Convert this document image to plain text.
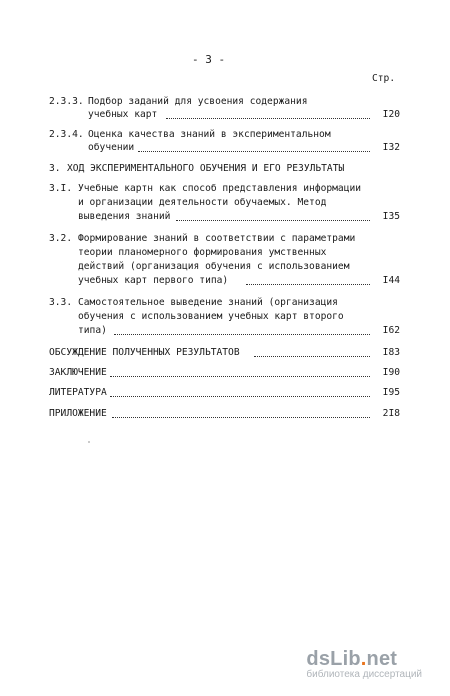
- 3 -
Стр.
2.3.3. Подбор заданий для усвоения содержания
учебных карт	I20
2.3.4. Оценка качества знаний в экспериментальном
обучении	I32
3. ХОД ЭКСПЕРИМЕНТАЛЬНОГО ОБУЧЕНИЯ И ЕГО РЕЗУЛЬТАТЫ
3.I. Учебные картн как способ представления информации
и организации деятельности обучаемых. Метод
выведения знаний	I35
3.2. Формирование знаний в соответствии с параметрами
теории планомерного формирования умственных
действий (организация обучения с использованием
учебных карт первого типа)	I44
3.3. Самостоятельное выведение знаний (организация
обучения с использованием учебных карт второго
типа)	I62
ОБСУЖДЕНИЕ ПОЛУЧЕННЫХ РЕЗУЛЬТАТОВ	I83
ЗАКЛЮЧЕНИЕ	I90
ЛИТЕРАТУРА	I95
ПРИЛОЖЕНИЕ	2I8
dsLib.net
библиотека диссертаций
